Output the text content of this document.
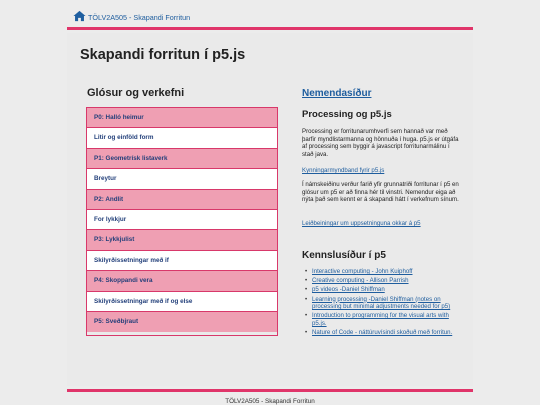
TÖLV2A505 - Skapandi Forritun
Skapandi forritun í p5.js
Glósur og verkefni
P0: Halló heimur
Litir og einföld form
P1: Geometrísk listaverk
Breytur
P2: Andlit
For lykkjur
P3: Lykkjulist
Skilyrðissetningar með if
P4: Skoppandi vera
Skilyrðissetningar með if og else
P5: Sveðbjraut
Nemendasíður
Processing og p5.js
Processing er forritunarumhverfi sem hannað var með þarfir myndlistarmanna og hönnuða í huga. p5.js er útgáfa af processing sem byggir á javascript forritunarmálinu í stað java.
Kynningarmyndband fyrir p5.js
Í námskeiðinu verður farið yfir grunnatriði forritunar í p5 en glósur um p5 er að finna hér til vinstri. Nemendur eiga að nýta það sem kennt er á skapandi hátt í verkefnum sínum.
Leiðbeiningar um uppsetninguna okkar á p5
Kennslusíður í p5
• Interactive computing - John Kuiphoff
• Creative computing - Allison Parrish
• p5 videos -Daniel Shiffman
• Learning processing -Daniel Shiffman (notes on processing but minimal adjustments needed for p5)
• Introduction to programming for the visual arts with p5.js.
• Nature of Code - náttúruvísindi skoðuð með forritun.
TÖLV2A505 - Skapandi Forritun
